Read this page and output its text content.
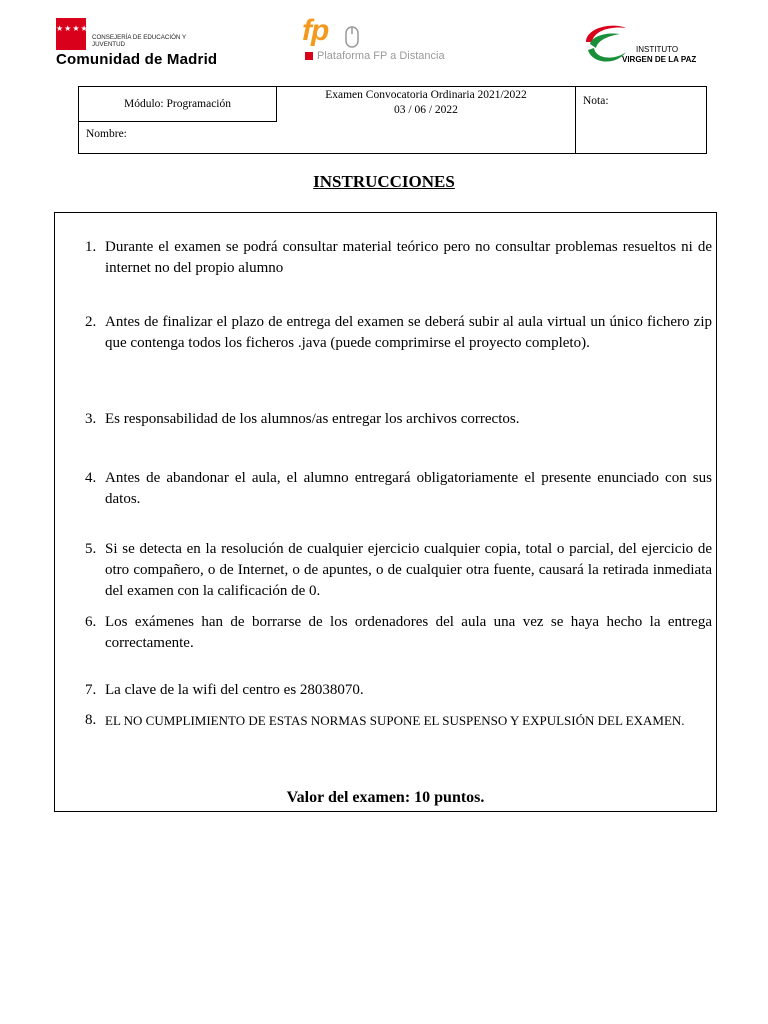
★★★★★★★
CONSEJERÍA DE EDUCACIÓN Y JUVENTUD
Comunidad de Madrid
fp
Plataforma FP a Distancia
INSTITUTO
VIRGEN DE LA PAZ
Módulo: Programación
Examen Convocatoria Ordinaria 2021/2022
03 / 06 / 2022
Nota:
Nombre:
INSTRUCCIONES
1. Durante el examen se podrá consultar material teórico pero no consultar problemas resueltos ni de internet no del propio alumno
2. Antes de finalizar el plazo de entrega del examen se deberá subir al aula virtual un único fichero zip que contenga todos los ficheros .java (puede comprimirse el proyecto completo).
3. Es responsabilidad de los alumnos/as entregar los archivos correctos.
4. Antes de abandonar el aula, el alumno entregará obligatoriamente el presente enunciado con sus datos.
5. Si se detecta en la resolución de cualquier ejercicio cualquier copia, total o parcial, del ejercicio de otro compañero, o de Internet, o de apuntes, o de cualquier otra fuente, causará la retirada inmediata del examen con la calificación de 0.
6. Los exámenes han de borrarse de los ordenadores del aula una vez se haya hecho la entrega correctamente.
7. La clave de la wifi del centro es 28038070.
8. EL NO CUMPLIMIENTO DE ESTAS NORMAS SUPONE EL SUSPENSO Y EXPULSIÓN DEL EXAMEN.
Valor del examen: 10 puntos.
